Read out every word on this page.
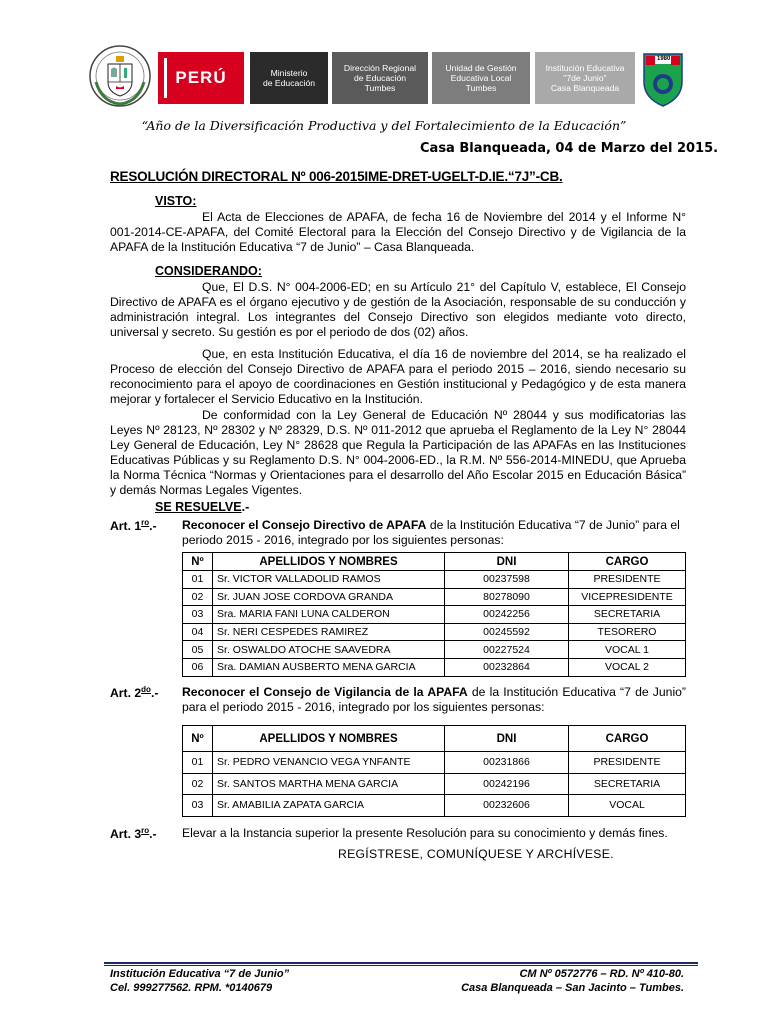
PERÚ	Ministerio
de Educación
Dirección Regional
de Educación
Tumbes
Unidad de Gestión
Educativa Local
Tumbes
Institución Educativa
"7de Junio"
Casa Blanqueada
1980
“Año de la Diversificación Productiva y del Fortalecimiento de la Educación”
Casa Blanqueada, 04 de Marzo del 2015.
RESOLUCIÓN DIRECTORAL Nº 006-2015IME-DRET-UGELT-D.IE.“7J”-CB.
VISTO:
El Acta de Elecciones de APAFA, de fecha 16 de Noviembre del 2014 y el Informe N° 001-2014-CE-APAFA, del Comité Electoral para la Elección del Consejo Directivo y de Vigilancia de la APAFA de la Institución Educativa “7 de Junio” – Casa Blanqueada.
CONSIDERANDO:
Que, El D.S. N° 004-2006-ED; en su Artículo 21° del Capítulo V, establece, El Consejo Directivo de APAFA es el órgano ejecutivo y de gestión de la Asociación, responsable de su conducción y administración integral. Los integrantes del Consejo Directivo son elegidos mediante voto directo, universal y secreto. Su gestión es por el periodo de dos (02) años.
Que, en esta Institución Educativa, el día 16 de noviembre del 2014, se ha realizado el Proceso de elección del Consejo Directivo de APAFA para el periodo 2015 – 2016, siendo necesario su reconocimiento para el apoyo de coordinaciones en Gestión institucional y Pedagógico y de esta manera mejorar y fortalecer el Servicio Educativo en la Institución.
De conformidad con la Ley General de Educación Nº 28044 y sus modificatorias las Leyes Nº 28123, Nº 28302 y Nº 28329, D.S. Nº 011-2012 que aprueba el Reglamento de la Ley N° 28044 Ley General de Educación, Ley N° 28628 que Regula la Participación de las APAFAs en las Instituciones Educativas Públicas y su Reglamento D.S. N° 004-2006-ED., la R.M. Nº 556-2014-MINEDU, que Aprueba la Norma Técnica “Normas y Orientaciones para el desarrollo del Año Escolar 2015 en Educación Básica” y demás Normas Legales Vigentes.
SE RESUELVE.-
Art. $1^{ro}.-$ Reconocer el Consejo Directivo de APAFA de la Institución Educativa “7 de Junio” para el periodo 2015 - 2016, integrado por los siguientes personas:
Nº	APELLIDOS Y NOMBRES	DNI	CARGO
01	Sr. VICTOR VALLADOLID RAMOS	00237598	PRESIDENTE
02	Sr. JUAN JOSE CORDOVA GRANDA	80278090	VICEPRESIDENTE
03	Sra. MARIA FANI LUNA CALDERON	00242256	SECRETARIA
04	Sr. NERI CESPEDES RAMIREZ	00245592	TESORERO
05	Sr. OSWALDO ATOCHE SAAVEDRA	00227524	VOCAL 1
06	Sra. DAMIAN AUSBERTO MENA GARCIA	00232864	VOCAL 2
Art. $2^{do}.-$ Reconocer el Consejo de Vigilancia de la APAFA de la Institución Educativa “7 de Junio” para el periodo 2015 - 2016, integrado por los siguientes personas:
Nº	APELLIDOS Y NOMBRES	DNI	CARGO
01	Sr. PEDRO VENANCIO VEGA YNFANTE	00231866	PRESIDENTE
02	Sr. SANTOS MARTHA MENA GARCIA	00242196	SECRETARIA
03	Sr. AMABILIA ZAPATA GARCIA	00232606	VOCAL
Art. $3^{ro}.-$ Elevar a la Instancia superior la presente Resolución para su conocimiento y demás fines.
REGÍSTRESE, COMUNÍQUESE Y ARCHÍVESE.
Institución Educativa “7 de Junio”
Cel. 999277562. RPM. *0140679
CM Nº 0572776 – RD. Nº 410-80.
Casa Blanqueada – San Jacinto – Tumbes.
